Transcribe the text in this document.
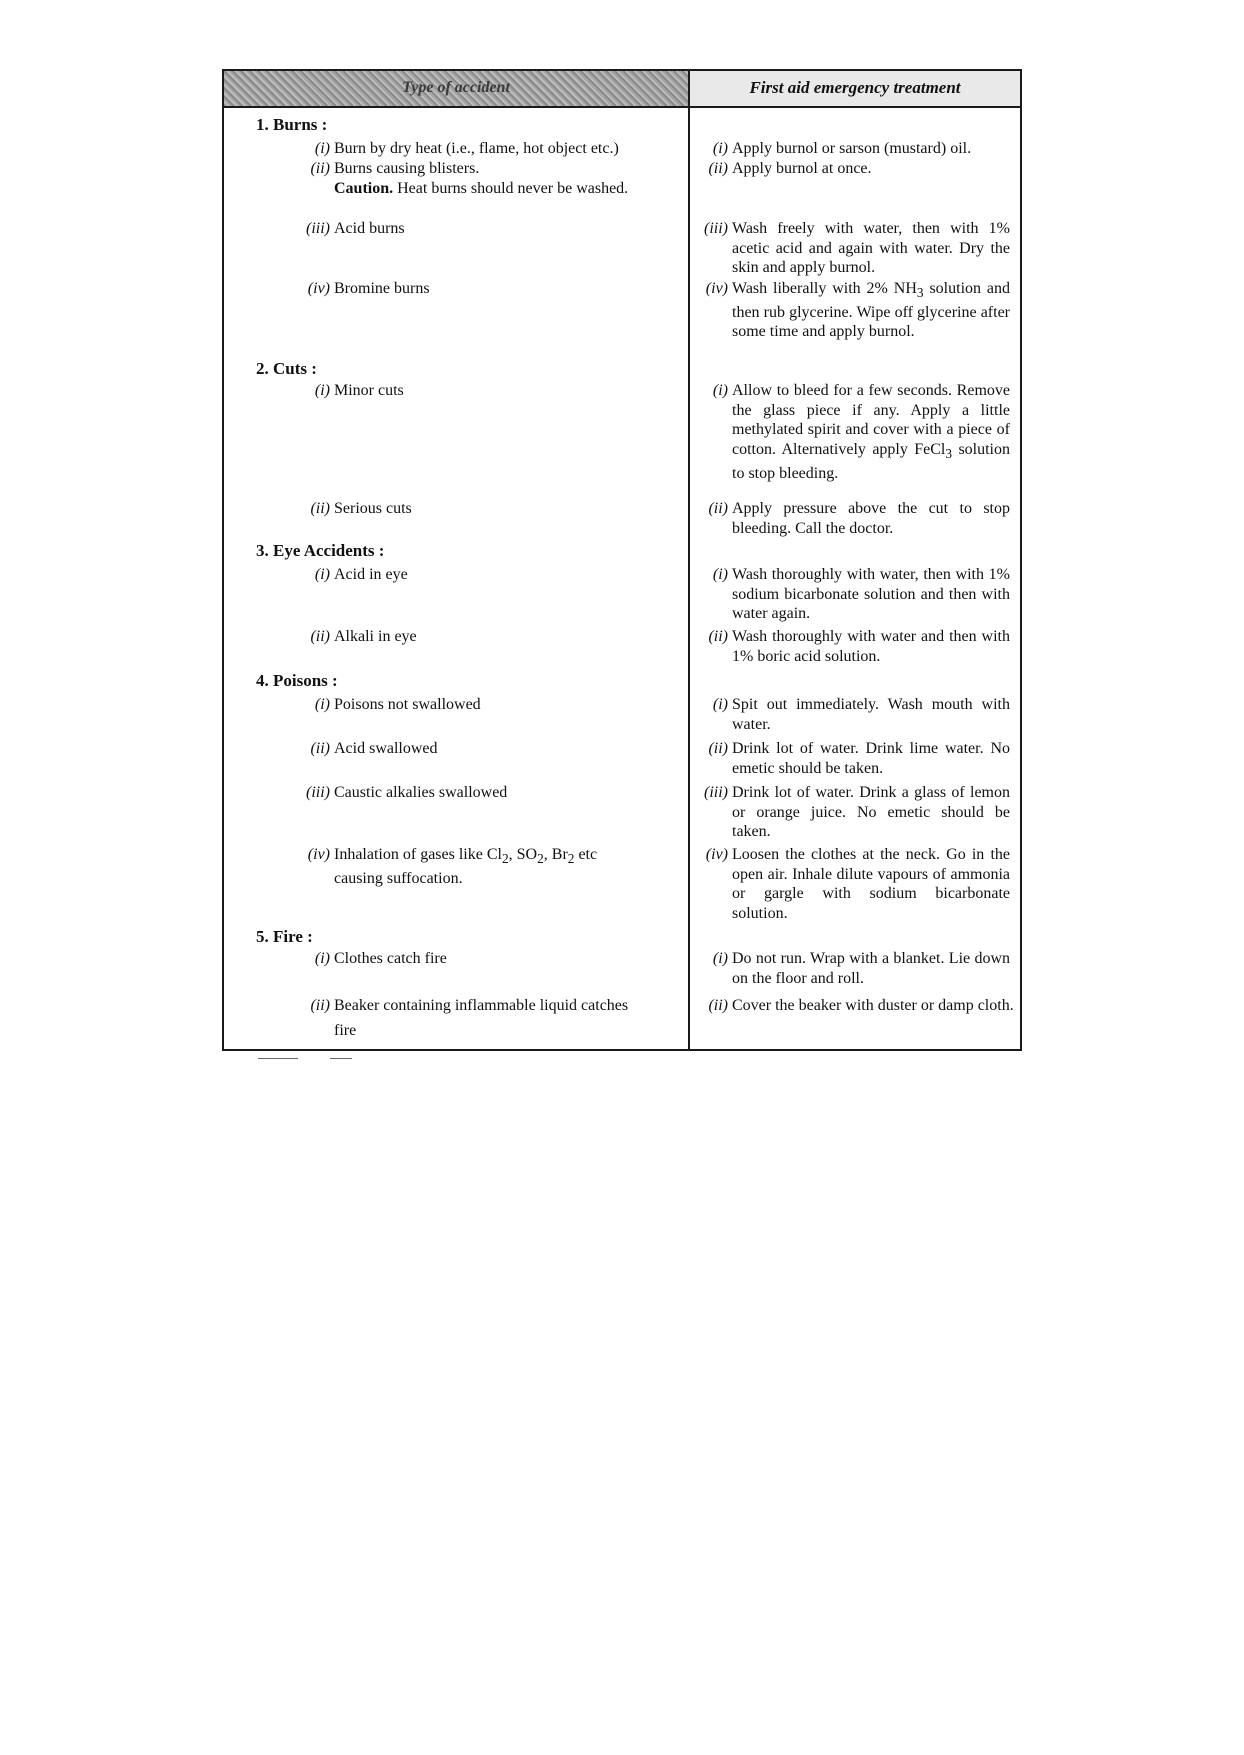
Type of accident	First aid emergency treatment
1. Burns :
(i) Burn by dry heat (i.e., flame, hot object etc.)
(ii) Burns causing blisters.
Caution. Heat burns should never be washed.
(iii) Acid burns
(iv) Bromine burns
(i) Apply burnol or sarson (mustard) oil.
(ii) Apply burnol at once.
(iii) Wash freely with water, then with 1% acetic acid and again with water. Dry the skin and apply burnol.
(iv) Wash liberally with 2% $NH_3$ solution and then rub glycerine. Wipe off glycerine after some time and apply burnol.
2. Cuts :
(i) Minor cuts
(ii) Serious cuts
(i) Allow to bleed for a few seconds. Remove the glass piece if any. Apply a little methylated spirit and cover with a piece of cotton. Alternatively apply FeCl$_3$ solution to stop bleeding.
(ii) Apply pressure above the cut to stop bleeding. Call the doctor.
3. Eye Accidents :
(i) Acid in eye
(ii) Alkali in eye
(i) Wash thoroughly with water, then with 1% sodium bicarbonate solution and then with water again.
(ii) Wash thoroughly with water and then with 1% boric acid solution.
4. Poisons :
(i) Poisons not swallowed
(ii) Acid swallowed
(iii) Caustic alkalies swallowed
(iv) Inhalation of gases like $Cl_2$, $SO_2$, $Br_2$ etc causing suffocation.
(i) Spit out immediately. Wash mouth with water.
(ii) Drink lot of water. Drink lime water. No emetic should be taken.
(iii) Drink lot of water. Drink a glass of lemon or orange juice. No emetic should be taken.
(iv) Loosen the clothes at the neck. Go in the open air. Inhale dilute vapours of ammonia or gargle with sodium bicarbonate solution.
5. Fire :
(i) Clothes catch fire
(ii) Beaker containing inflammable liquid catches fire
(i) Do not run. Wrap with a blanket. Lie down on the floor and roll.
(ii) Cover the beaker with duster or damp cloth.
